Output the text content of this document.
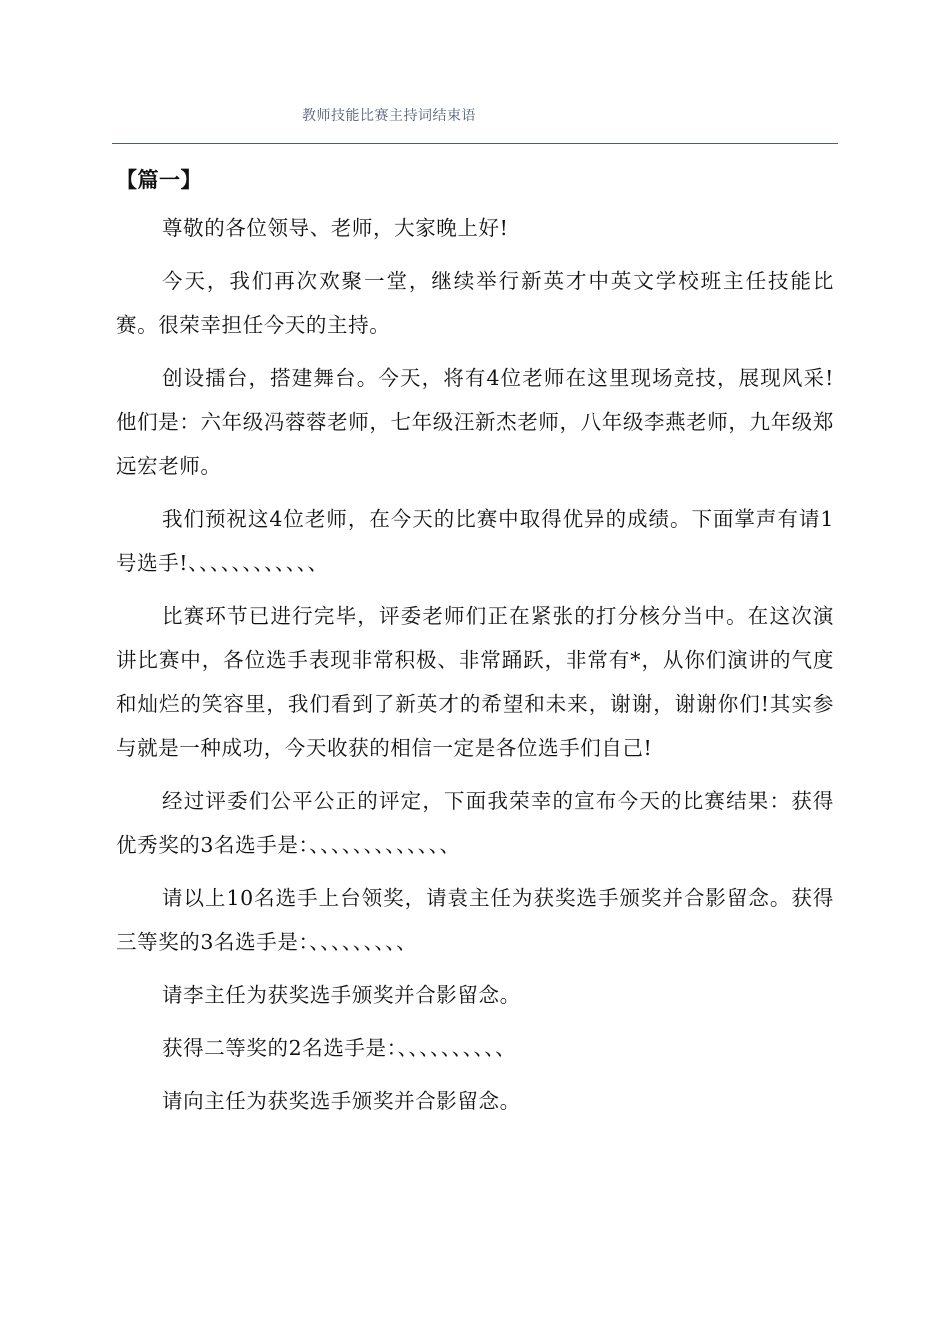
教师技能比赛主持词结束语
【篇一】

尊敬的各位领导、老师，大家晚上好!

今天，我们再次欢聚一堂，继续举行新英才中英文学校班主任技能比赛。很荣幸担任今天的主持。

创设擂台，搭建舞台。今天，将有4位老师在这里现场竞技，展现风采!他们是：六年级冯蓉蓉老师，七年级汪新杰老师，八年级李燕老师，九年级郑远宏老师。

我们预祝这4位老师，在今天的比赛中取得优异的成绩。下面掌声有请1号选手!、、、、、、、、、、、、

比赛环节已进行完毕，评委老师们正在紧张的打分核分当中。在这次演讲比赛中，各位选手表现非常积极、非常踊跃，非常有*，从你们演讲的气度和灿烂的笑容里，我们看到了新英才的希望和未来，谢谢，谢谢你们!其实参与就是一种成功，今天收获的相信一定是各位选手们自己!

经过评委们公平公正的评定，下面我荣幸的宣布今天的比赛结果：获得优秀奖的3名选手是：、、、、、、、、、、、、、

请以上10名选手上台领奖，请袁主任为获奖选手颁奖并合影留念。获得三等奖的3名选手是：、、、、、、、、、

请李主任为获奖选手颁奖并合影留念。

获得二等奖的2名选手是：、、、、、、、、、、

请向主任为获奖选手颁奖并合影留念。
